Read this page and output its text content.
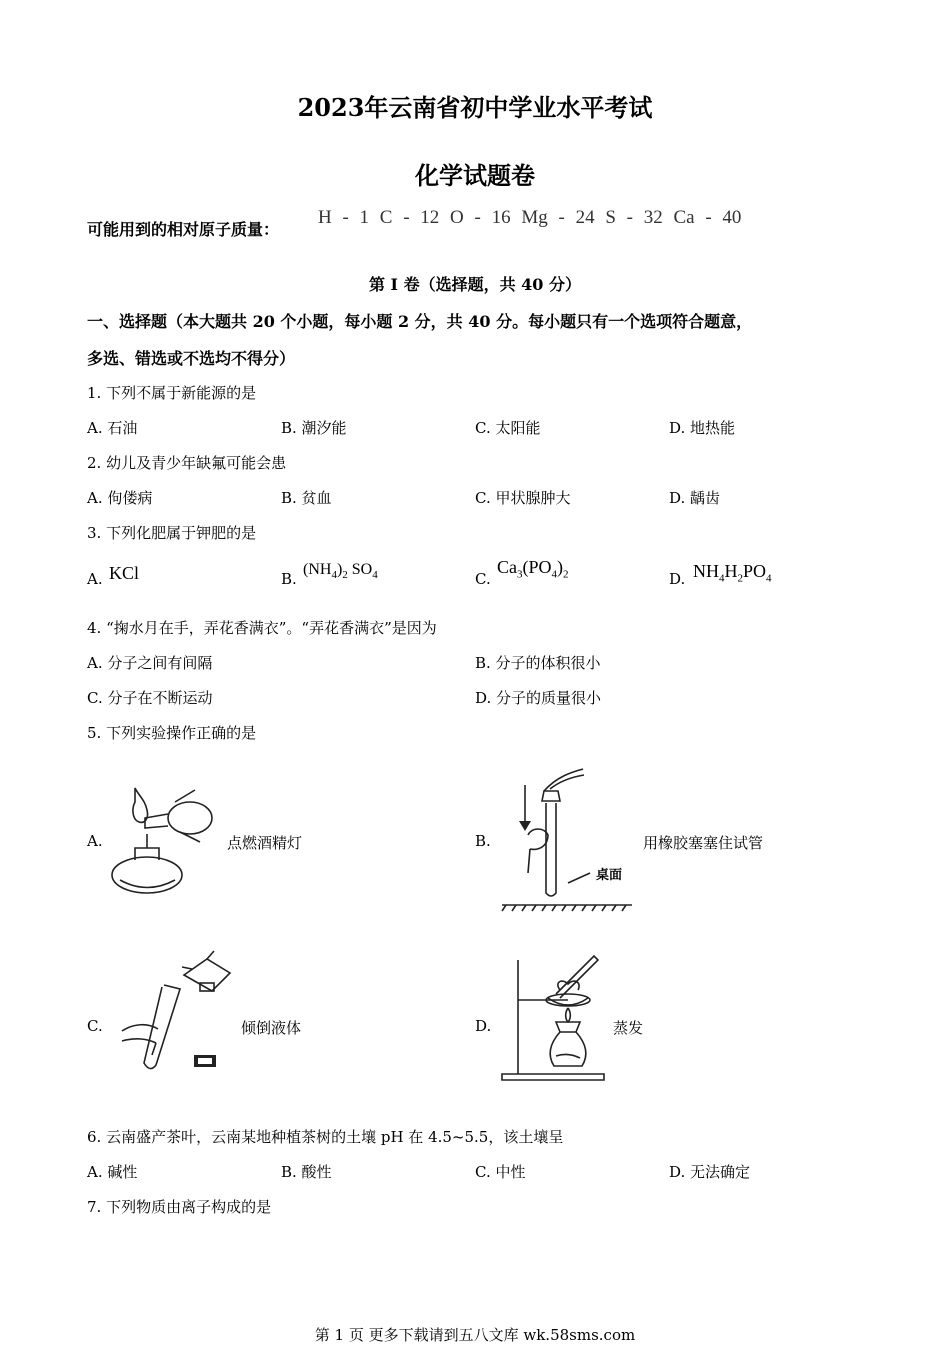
2023年云南省初中学业水平考试
化学试题卷
可能用到的相对原子质量：
H - 1 C - 12 O - 16 Mg - 24 S - 32 Ca - 40
第 I 卷（选择题，共 40 分）
一、选择题（本大题共 20 个小题，每小题 2 分，共 40 分。每小题只有一个选项符合题意，
多选、错选或不选均不得分）
1. 下列不属于新能源的是
A. 石油	B. 潮汐能	C. 太阳能	D. 地热能
2. 幼儿及青少年缺氟可能会患
A. 佝偻病	B. 贫血	C. 甲状腺肿大	D. 龋齿
3. 下列化肥属于钾肥的是
A. KCl	B.
$(NH_4)_2$ $SO_4$	C.
$Ca_3(PO_4)_2$	D. $NH_4H_2PO_4$
4. “掬水月在手，弄花香满衣”。“弄花香满衣”是因为
A. 分子之间有间隔	B. 分子的体积很小
C. 分子在不断运动	D. 分子的质量很小
5. 下列实验操作正确的是
A.	点燃酒精灯	B.
桌面
用橡胶塞塞住试管
C.	倾倒液体	D.	蒸发
6. 云南盛产茶叶，云南某地种植茶树的土壤 pH 在 4.5~5.5，该土壤呈
A. 碱性	B. 酸性	C. 中性	D. 无法确定
7. 下列物质由离子构成的是
第 1 页 更多下载请到五八文库 wk.58sms.com
